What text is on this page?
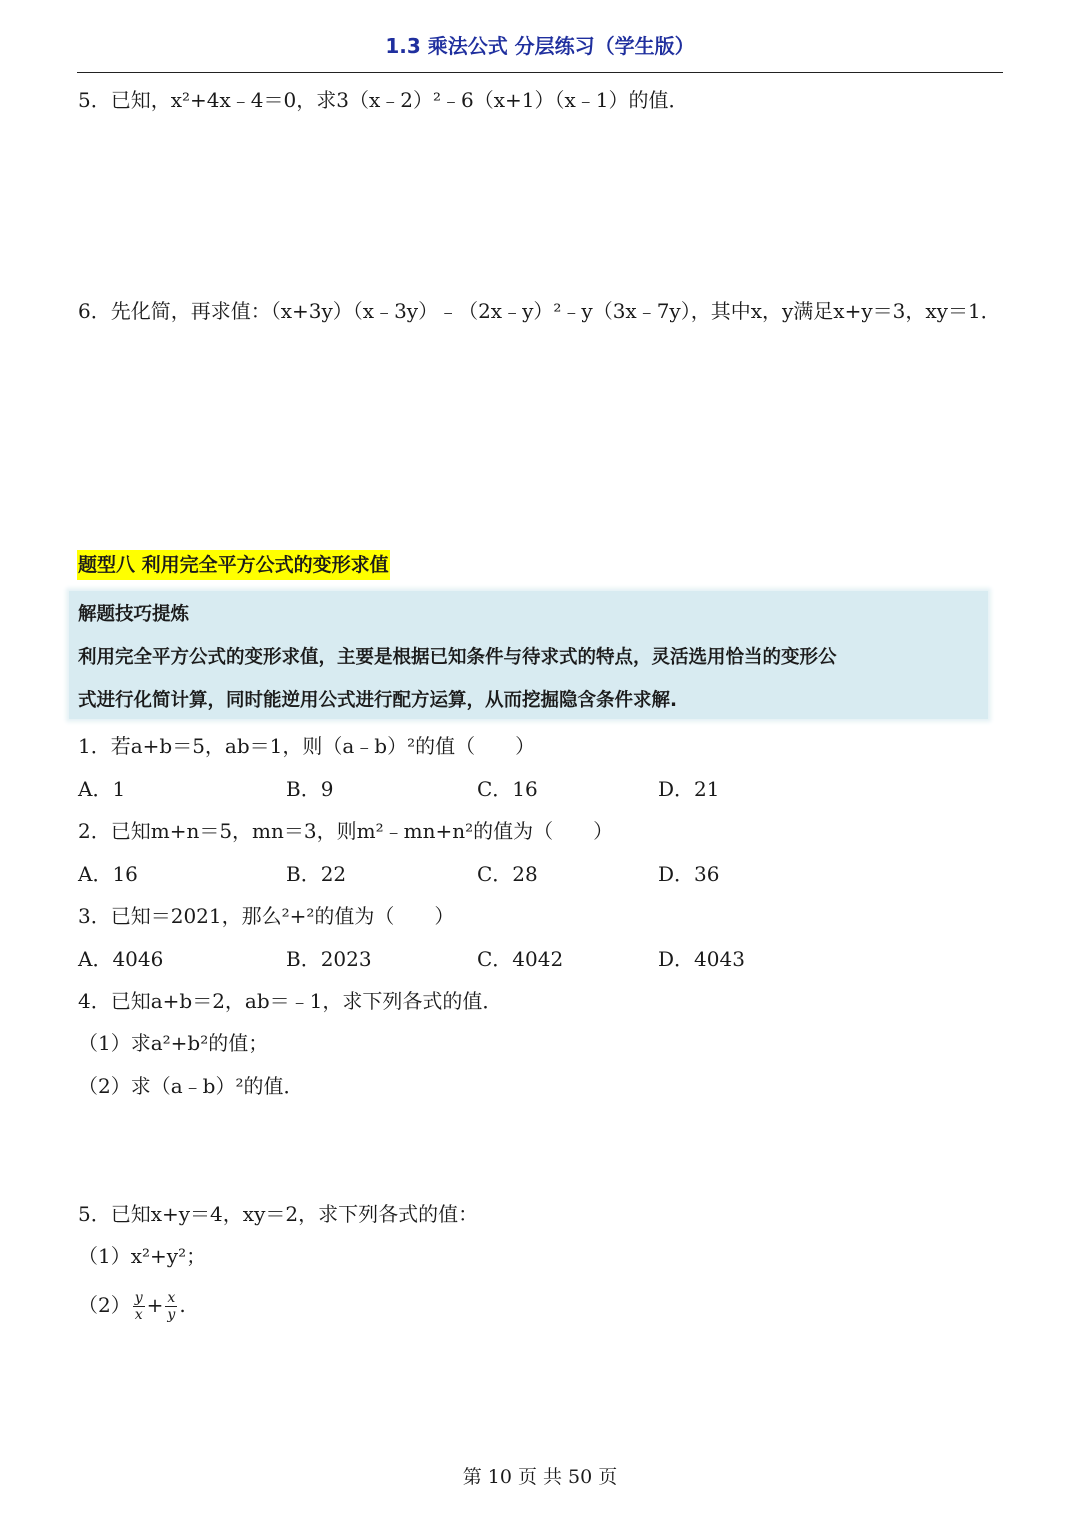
1.3 乘法公式 分层练习（学生版）
5．已知，x²+4x﹣4＝0，求3（x﹣2）²﹣6（x+1）（x﹣1）的值．
6．先化简，再求值：（x+3y）（x﹣3y）﹣（2x﹣y）²﹣y（3x﹣7y），其中x，y满足x+y＝3，xy＝1．
题型八 利用完全平方公式的变形求值
解题技巧提炼
利用完全平方公式的变形求值，主要是根据已知条件与待求式的特点，灵活选用恰当的变形公
式进行化简计算，同时能逆用公式进行配方运算，从而挖掘隐含条件求解.
1．若a+b＝5，ab＝1，则（a﹣b）²的值（　　）
A．1	B．9	C．16	D．21
2．已知m+n＝5，mn＝3，则m²﹣mn+n²的值为（　　）
A．16	B．22	C．28	D．36
3．已知＝2021，那么²+²的值为（　　）
A．4046	B．2023	C．4042	D．4043
4．已知a+b＝2，ab＝﹣1，求下列各式的值．
（1）求a²+b²的值；
（2）求（a﹣b）²的值．
5．已知x+y＝4，xy＝2，求下列各式的值：
（1）x²+y²；
$(2) \frac{y}{x} + \frac{x}{y}$ .
第 10 页 共 50 页
